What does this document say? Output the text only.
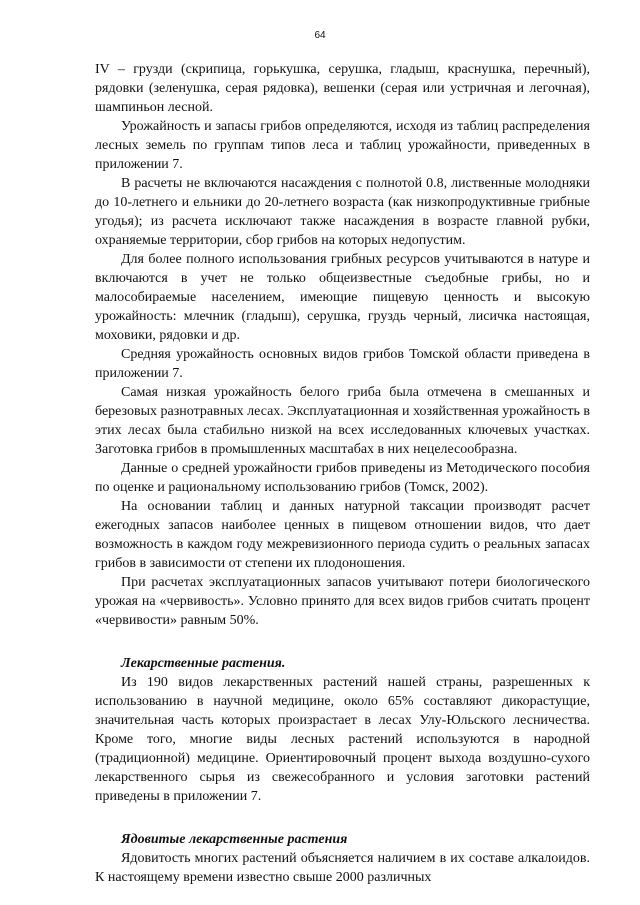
64

IV – грузди (скрипица, горькушка, серушка, гладыш, краснушка, перечный), рядовки (зеленушка, серая рядовка), вешенки (серая или устричная и легочная), шампиньон лесной.

Урожайность и запасы грибов определяются, исходя из таблиц распределения лесных земель по группам типов леса и таблиц урожайности, приведенных в приложении 7.

В расчеты не включаются насаждения с полнотой 0.8, лиственные молодняки до 10-летнего и ельники до 20-летнего возраста (как низкопродуктивные грибные угодья); из расчета исключают также насаждения в возрасте главной рубки, охраняемые территории, сбор грибов на которых недопустим.

Для более полного использования грибных ресурсов учитываются в натуре и включаются в учет не только общеизвестные съедобные грибы, но и малособираемые населением, имеющие пищевую ценность и высокую урожайность: млечник (гладыш), серушка, груздь черный, лисичка настоящая, моховики, рядовки и др.

Средняя урожайность основных видов грибов Томской области приведена в приложении 7.

Самая низкая урожайность белого гриба была отмечена в смешанных и березовых разнотравных лесах. Эксплуатационная и хозяйственная урожайность в этих лесах была стабильно низкой на всех исследованных ключевых участках. Заготовка грибов в промышленных масштабах в них нецелесообразна.

Данные о средней урожайности грибов приведены из Методического пособия по оценке и рациональному использованию грибов (Томск, 2002).

На основании таблиц и данных натурной таксации производят расчет ежегодных запасов наиболее ценных в пищевом отношении видов, что дает возможность в каждом году межревизионного периода судить о реальных запасах грибов в зависимости от степени их плодоношения.

При расчетах эксплуатационных запасов учитывают потери биологического урожая на «червивость». Условно принято для всех видов грибов считать процент «червивости» равным 50%.

Лекарственные растения.

Из 190 видов лекарственных растений нашей страны, разрешенных к использованию в научной медицине, около 65% составляют дикорастущие, значительная часть которых произрастает в лесах Улу-Юльского лесничества. Кроме того, многие виды лесных растений используются в народной (традиционной) медицине. Ориентировочный процент выхода воздушно-сухого лекарственного сырья из свежесобранного и условия заготовки растений приведены в приложении 7.

Ядовитые лекарственные растения

Ядовитость многих растений объясняется наличием в их составе алкалоидов. К настоящему времени известно свыше 2000 различных
